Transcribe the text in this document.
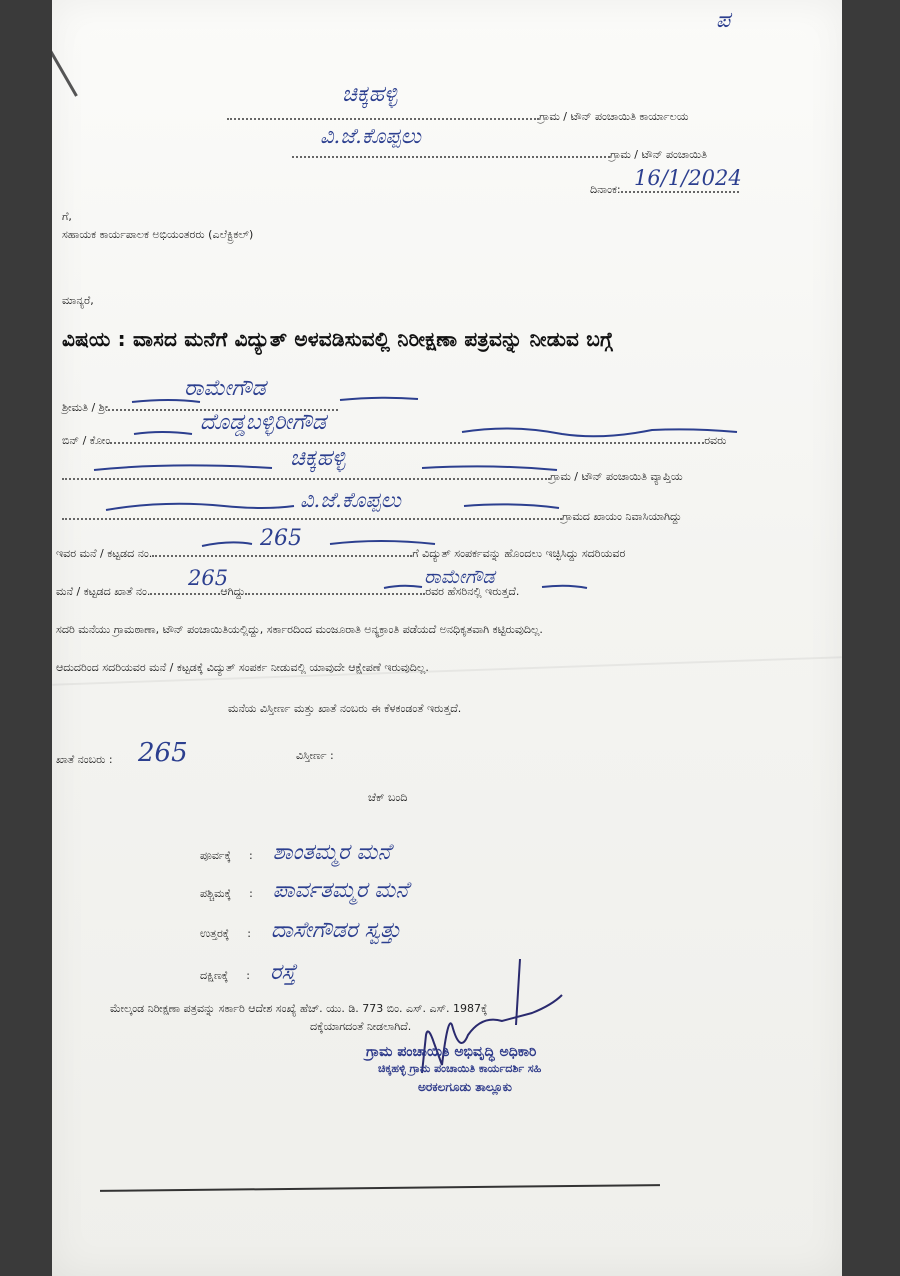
ಪ
ಚಿಕ್ಕಹಳ್ಳಿ
ಗ್ರಾಮ / ಟೌನ್ ಪಂಚಾಯಿತಿ ಕಾರ್ಯಾಲಯ
ವಿ.ಜೆ.ಕೊಪ್ಪಲು
ಗ್ರಾಮ / ಟೌನ್ ಪಂಚಾಯಿತಿ
ದಿನಾಂಕ: 16/1/2024
ಗೆ,
ಸಹಾಯಕ ಕಾರ್ಯಪಾಲಕ ಅಭಿಯಂತರರು (ಎಲೆಕ್ಟ್ರಿಕಲ್)
ಮಾನ್ಯರೆ,
ವಿಷಯ : ವಾಸದ ಮನೆಗೆ ವಿದ್ಯುತ್ ಅಳವಡಿಸುವಲ್ಲಿ ನಿರೀಕ್ಷಣಾ ಪತ್ರವನ್ನು ನೀಡುವ ಬಗ್ಗೆ
ಶ್ರೀಮತಿ / ಶ್ರೀ
ರಾಮೇಗೌಡ
ಬಿನ್ / ಕೋಂ	ರವರು
ದೊಡ್ಡಬಳ್ಳಿರೀಗೌಡ
ಗ್ರಾಮ / ಟೌನ್ ಪಂಚಾಯಿತಿ ವ್ಯಾಪ್ತಿಯ
ಚಿಕ್ಕಹಳ್ಳಿ
ಗ್ರಾಮದ ಖಾಯಂ ನಿವಾಸಿಯಾಗಿದ್ದು
ವಿ.ಜೆ.ಕೊಪ್ಪಲು
ಇವರ ಮನೆ / ಕಟ್ಟಡದ ನಂ.	ಗೆ ವಿದ್ಯುತ್ ಸಂಪರ್ಕವನ್ನು ಹೊಂದಲು ಇಚ್ಛಿಸಿದ್ದು ಸದರಿಯವರ
265
ಮನೆ / ಕಟ್ಟಡದ ಖಾತೆ ನಂ.	ಆಗಿದ್ದು	ರವರ ಹೆಸರಿನಲ್ಲಿ ಇರುತ್ತದೆ.
265	ರಾಮೇಗೌಡ
ಸದರಿ ಮನೆಯು ಗ್ರಾಮಠಾಣಾ, ಟೌನ್ ಪಂಚಾಯಿತಿಯಲ್ಲಿದ್ದು, ಸರ್ಕಾರದಿಂದ ಮಂಜೂರಾತಿ ಅನ್ಯಕ್ರಾಂತಿ ಪಡೆಯದೆ ಅನಧಿಕೃತವಾಗಿ ಕಟ್ಟಿರುವುದಿಲ್ಲ.
ಆದುದರಿಂದ ಸದರಿಯವರ ಮನೆ / ಕಟ್ಟಡಕ್ಕೆ ವಿದ್ಯುತ್ ಸಂಪರ್ಕ ನೀಡುವಲ್ಲಿ ಯಾವುದೇ ಆಕ್ಷೇಪಣೆ ಇರುವುದಿಲ್ಲ.
ಮನೆಯ ವಿಸ್ತೀರ್ಣ ಮತ್ತು ಖಾತೆ ನಂಬರು ಈ ಕೆಳಕಂಡಂತೆ ಇರುತ್ತದೆ.
ಖಾತೆ ನಂಬರು : 265	ವಿಸ್ತೀರ್ಣ :
ಚೆಕ್ ಬಂದಿ
ಪೂರ್ವಕ್ಕೆ : ಶಾಂತಮ್ಮರ ಮನೆ
ಪಶ್ಚಿಮಕ್ಕೆ : ಪಾರ್ವತಮ್ಮರ ಮನೆ
ಉತ್ತರಕ್ಕೆ : ದಾಸೇಗೌಡರ ಸ್ವತ್ತು
ದಕ್ಷಿಣಕ್ಕೆ : ರಸ್ತೆ
ಮೇಲ್ಕಂಡ ನಿರೀಕ್ಷಣಾ ಪತ್ರವನ್ನು ಸರ್ಕಾರಿ ಆದೇಶ ಸಂಖ್ಯೆ ಹೆಚ್. ಯು. ಡಿ. 773 ಬಿಂ. ಎಸ್. ಎಸ್. 1987ಕ್ಕೆ
ದಕ್ಕೆಯಾಗದಂತೆ ನೀಡಲಾಗಿದೆ.
ಗ್ರಾಮ ಪಂಚಾಯಿತಿ ಅಭಿವೃದ್ಧಿ ಅಧಿಕಾರಿ
ಚಿಕ್ಕಹಳ್ಳಿ ಗ್ರಾಮ ಪಂಚಾಯಿತಿ ಕಾರ್ಯದರ್ಶಿ ಸಹಿ
ಅರಕಲಗೂಡು ತಾಲ್ಲೂಕು
